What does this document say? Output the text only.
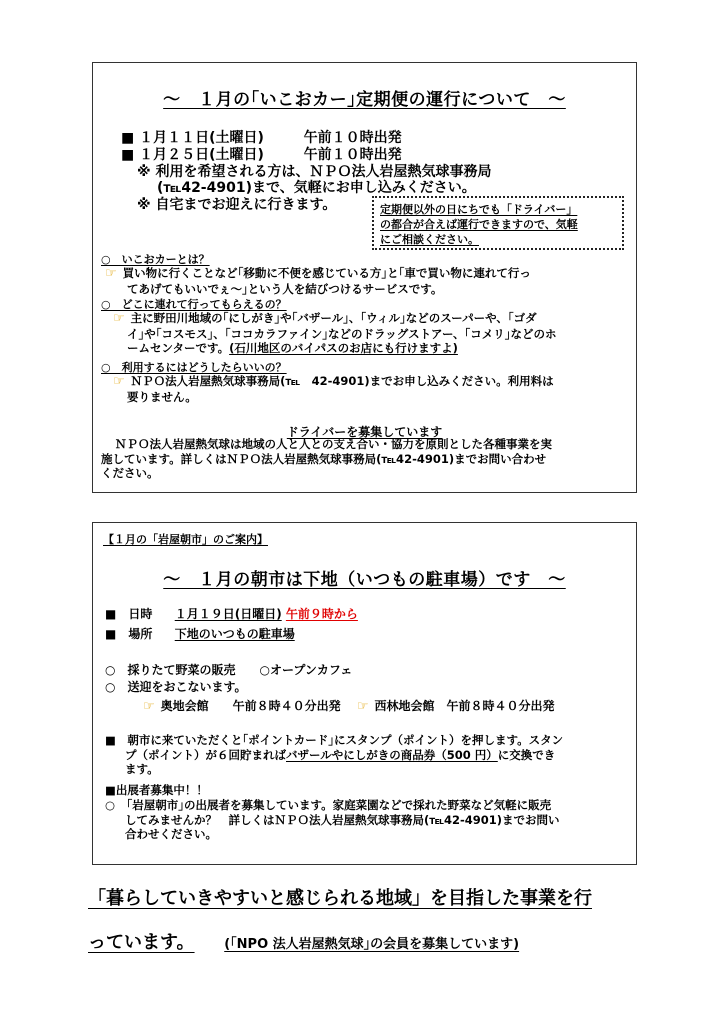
～　１月の｢いこおカー｣定期便の運行について　～
■ １月１１日(土曜日)	午前１０時出発
■ １月２５日(土曜日)	午前１０時出発
※ 利用を希望される方は、ＮＰＯ法人岩屋熱気球事務局
(℡42-4901)まで、気軽にお申し込みください。
※ 自宅までお迎えに行きます。
○　いこおカーとは？
☞ 買い物に行くことなど｢移動に不便を感じている方｣と｢車で買い物に連れて行っ
てあげてもいいでぇ～｣という人を結びつけるサービスです。
○　どこに連れて行ってもらえるの？
☞ 主に野田川地域の｢にしがき｣や｢バザール｣、｢ウィル｣などのスーパーや、｢ゴダ
イ｣や｢コスモス｣、｢ココカラファイン｣などのドラッグストアー、｢コメリ｣などのホ
ームセンターです。(石川地区のバイパスのお店にも行けますよ)
○　利用するにはどうしたらいいの？
☞ ＮＰＯ法人岩屋熱気球事務局(℡　42-4901)までお申し込みください。利用料は
要りません。
ドライバーを募集しています
ＮＰＯ法人岩屋熱気球は地域の人と人との支え合い・協力を原則とした各種事業を実
施しています。詳しくはＮＰＯ法人岩屋熱気球事務局(℡42-4901)までお問い合わせ
ください。
定期便以外の日にちでも「ドライバー」
の都合が合えば運行できますので、気軽
にご相談ください。
【１月の「岩屋朝市」のご案内】
～　１月の朝市は下地（いつもの駐車場）です　～
■　日時 １月１９日(日曜日) 午前９時から
■　場所 下地のいつもの駐車場
○　採りたて野菜の販売　　○オープンカフェ
○　送迎をおこないます。
☞ 奥地会館　　午前８時４０分出発 ☞ 西林地会館　午前８時４０分出発
■　朝市に来ていただくと｢ポイントカード｣にスタンプ（ポイント）を押します。スタン
プ（ポイント）が６回貯まればバザールやにしがきの商品券（500 円）に交換でき
ます。
■出展者募集中！！
○　｢岩屋朝市｣の出展者を募集しています。家庭菜園などで採れた野菜など気軽に販売
してみませんか？　詳しくはＮＰＯ法人岩屋熱気球事務局(℡42-4901)までお問い
合わせください。
「暮らしていきやすいと感じられる地域」を目指した事業を行
っています。 (｢NPO 法人岩屋熱気球｣の会員を募集しています)
